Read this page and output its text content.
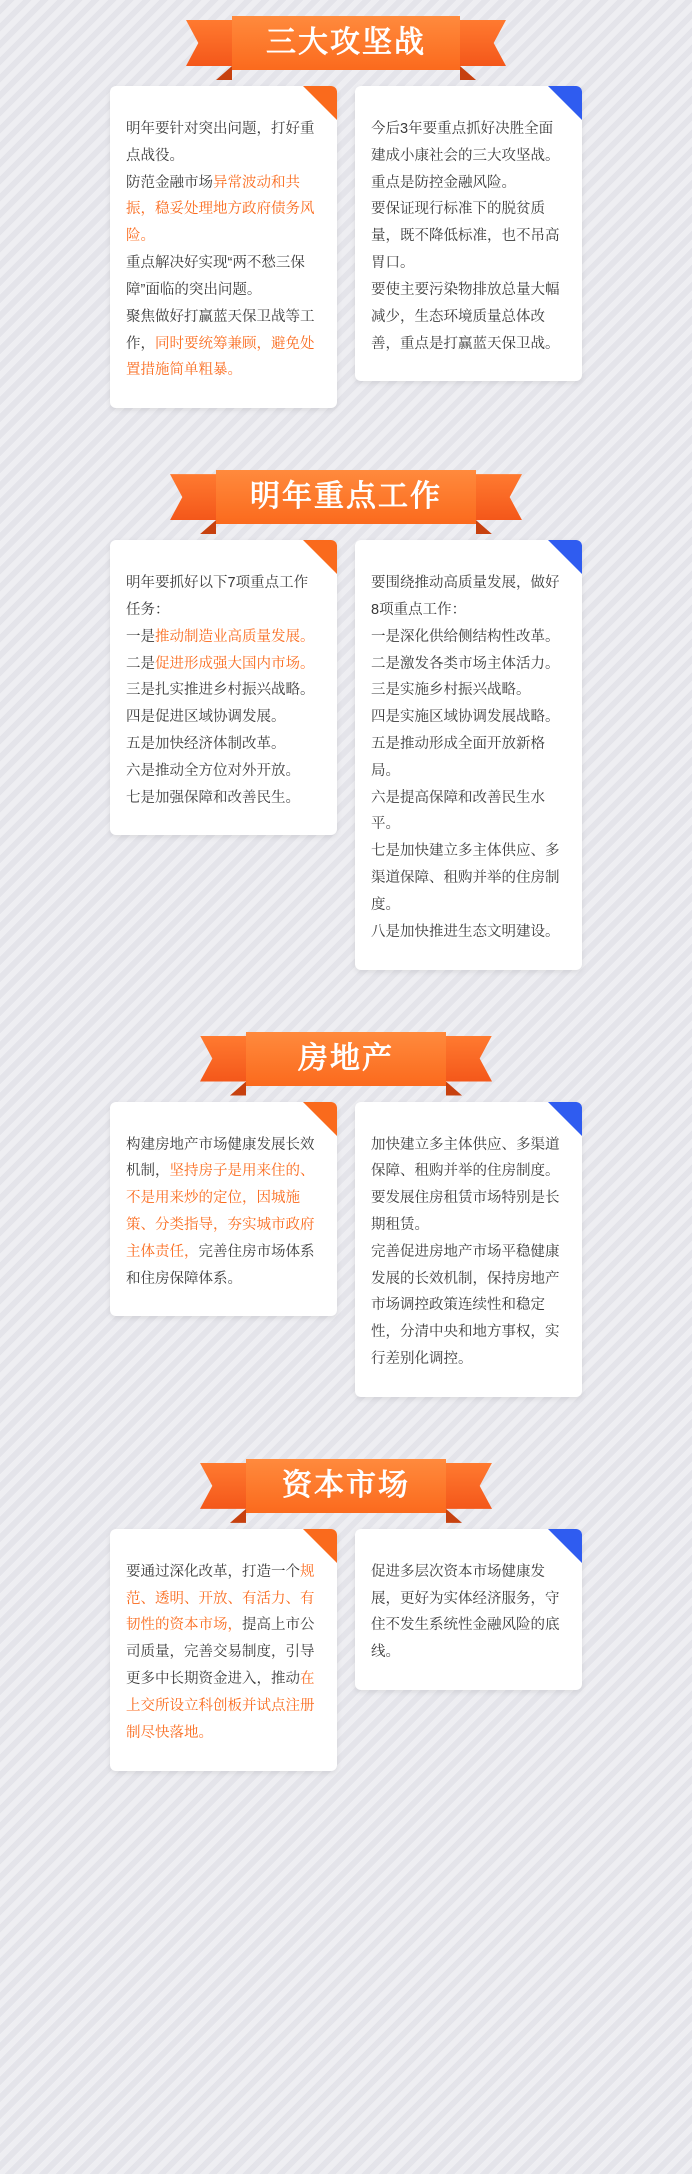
三大攻坚战

明年要针对突出问题，打好重点战役。

防范金融市场异常波动和共振，稳妥处理地方政府债务风险。

重点解决好实现“两不愁三保障”面临的突出问题。

聚焦做好打赢蓝天保卫战等工作，同时要统筹兼顾，避免处置措施简单粗暴。

今后3年要重点抓好决胜全面建成小康社会的三大攻坚战。

重点是防控金融风险。

要保证现行标准下的脱贫质量，既不降低标准，也不吊高胃口。

要使主要污染物排放总量大幅减少，生态环境质量总体改善，重点是打赢蓝天保卫战。

明年重点工作

明年要抓好以下7项重点工作任务：

一是推动制造业高质量发展。

二是促进形成强大国内市场。

三是扎实推进乡村振兴战略。

四是促进区域协调发展。

五是加快经济体制改革。

六是推动全方位对外开放。

七是加强保障和改善民生。

要围绕推动高质量发展，做好8项重点工作：

一是深化供给侧结构性改革。

二是激发各类市场主体活力。

三是实施乡村振兴战略。

四是实施区域协调发展战略。

五是推动形成全面开放新格局。

六是提高保障和改善民生水平。

七是加快建立多主体供应、多渠道保障、租购并举的住房制度。

八是加快推进生态文明建设。

房地产

构建房地产市场健康发展长效机制，坚持房子是用来住的、不是用来炒的定位，因城施策、分类指导，夯实城市政府主体责任，完善住房市场体系和住房保障体系。

加快建立多主体供应、多渠道保障、租购并举的住房制度。

要发展住房租赁市场特别是长期租赁。

完善促进房地产市场平稳健康发展的长效机制，保持房地产市场调控政策连续性和稳定性，分清中央和地方事权，实行差别化调控。

资本市场

要通过深化改革，打造一个规范、透明、开放、有活力、有韧性的资本市场，提高上市公司质量，完善交易制度，引导更多中长期资金进入，推动在上交所设立科创板并试点注册制尽快落地。

促进多层次资本市场健康发展，更好为实体经济服务，守住不发生系统性金融风险的底线。
